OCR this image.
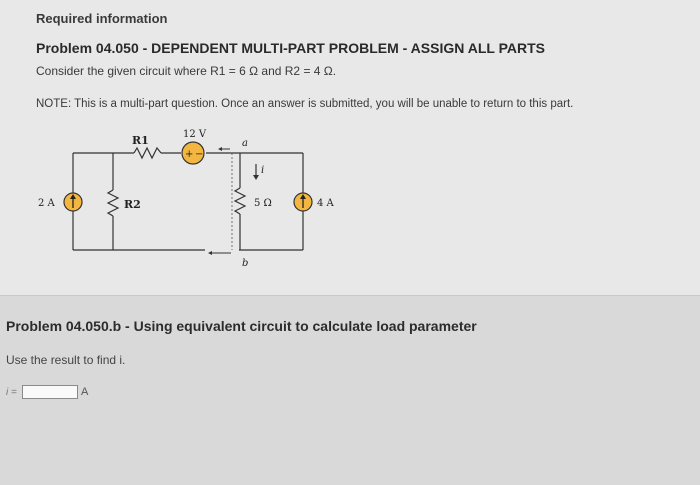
Required information
Problem 04.050 - DEPENDENT MULTI-PART PROBLEM - ASSIGN ALL PARTS
Consider the given circuit where R1 = 6 Ω and R2 = 4 Ω.
NOTE: This is a multi-part question. Once an answer is submitted, you will be unable to return to this part.
+ −
R1	12 V
2 A	R2	5 Ω	4 A
a
b
i
Problem 04.050.b - Using equivalent circuit to calculate load parameter
Use the result to find i.
i =	A
